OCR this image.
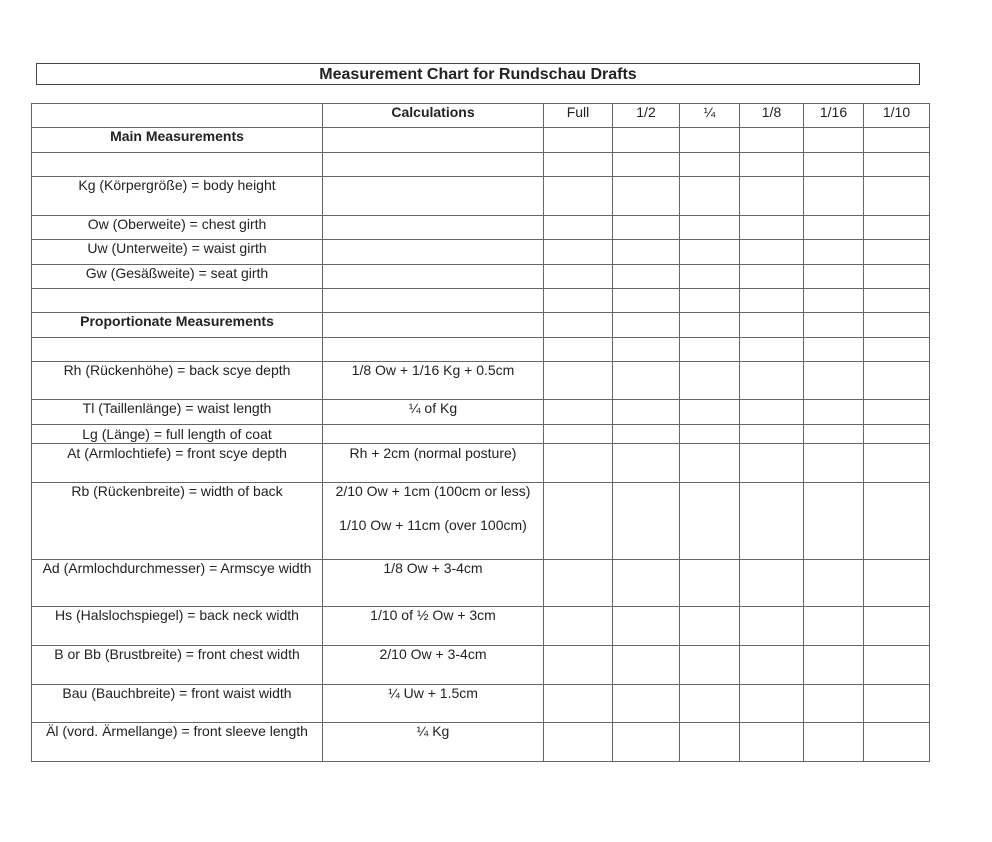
Measurement Chart for Rundschau Drafts
	Calculations	Full	1/2	¼	1/8	1/16	1/10
Main Measurements							

Kg (Körpergröße) = body height							
Ow (Oberweite) = chest girth							
Uw (Unterweite) = waist girth							
Gw (Gesäßweite) = seat girth							

Proportionate Measurements							

Rh (Rückenhöhe) = back scye depth	1/8 Ow + 1/16 Kg + 0.5cm						
Tl (Taillenlänge) = waist length	¼ of Kg						
Lg (Länge) = full length of coat							
At (Armlochtiefe) = front scye depth	Rh + 2cm (normal posture)						
Rb (Rückenbreite) = width of back	2/10 Ow + 1cm (100cm or less)
1/10 Ow + 11cm (over 100cm)						
Ad (Armlochdurchmesser) = Armscye width	1/8 Ow + 3-4cm						
Hs (Halslochspiegel) = back neck width	1/10 of ½ Ow + 3cm						
B or Bb (Brustbreite) = front chest width	2/10 Ow + 3-4cm						
Bau (Bauchbreite) = front waist width	¼ Uw + 1.5cm						
Äl (vord. Ärmellange) = front sleeve length	¼ Kg						
